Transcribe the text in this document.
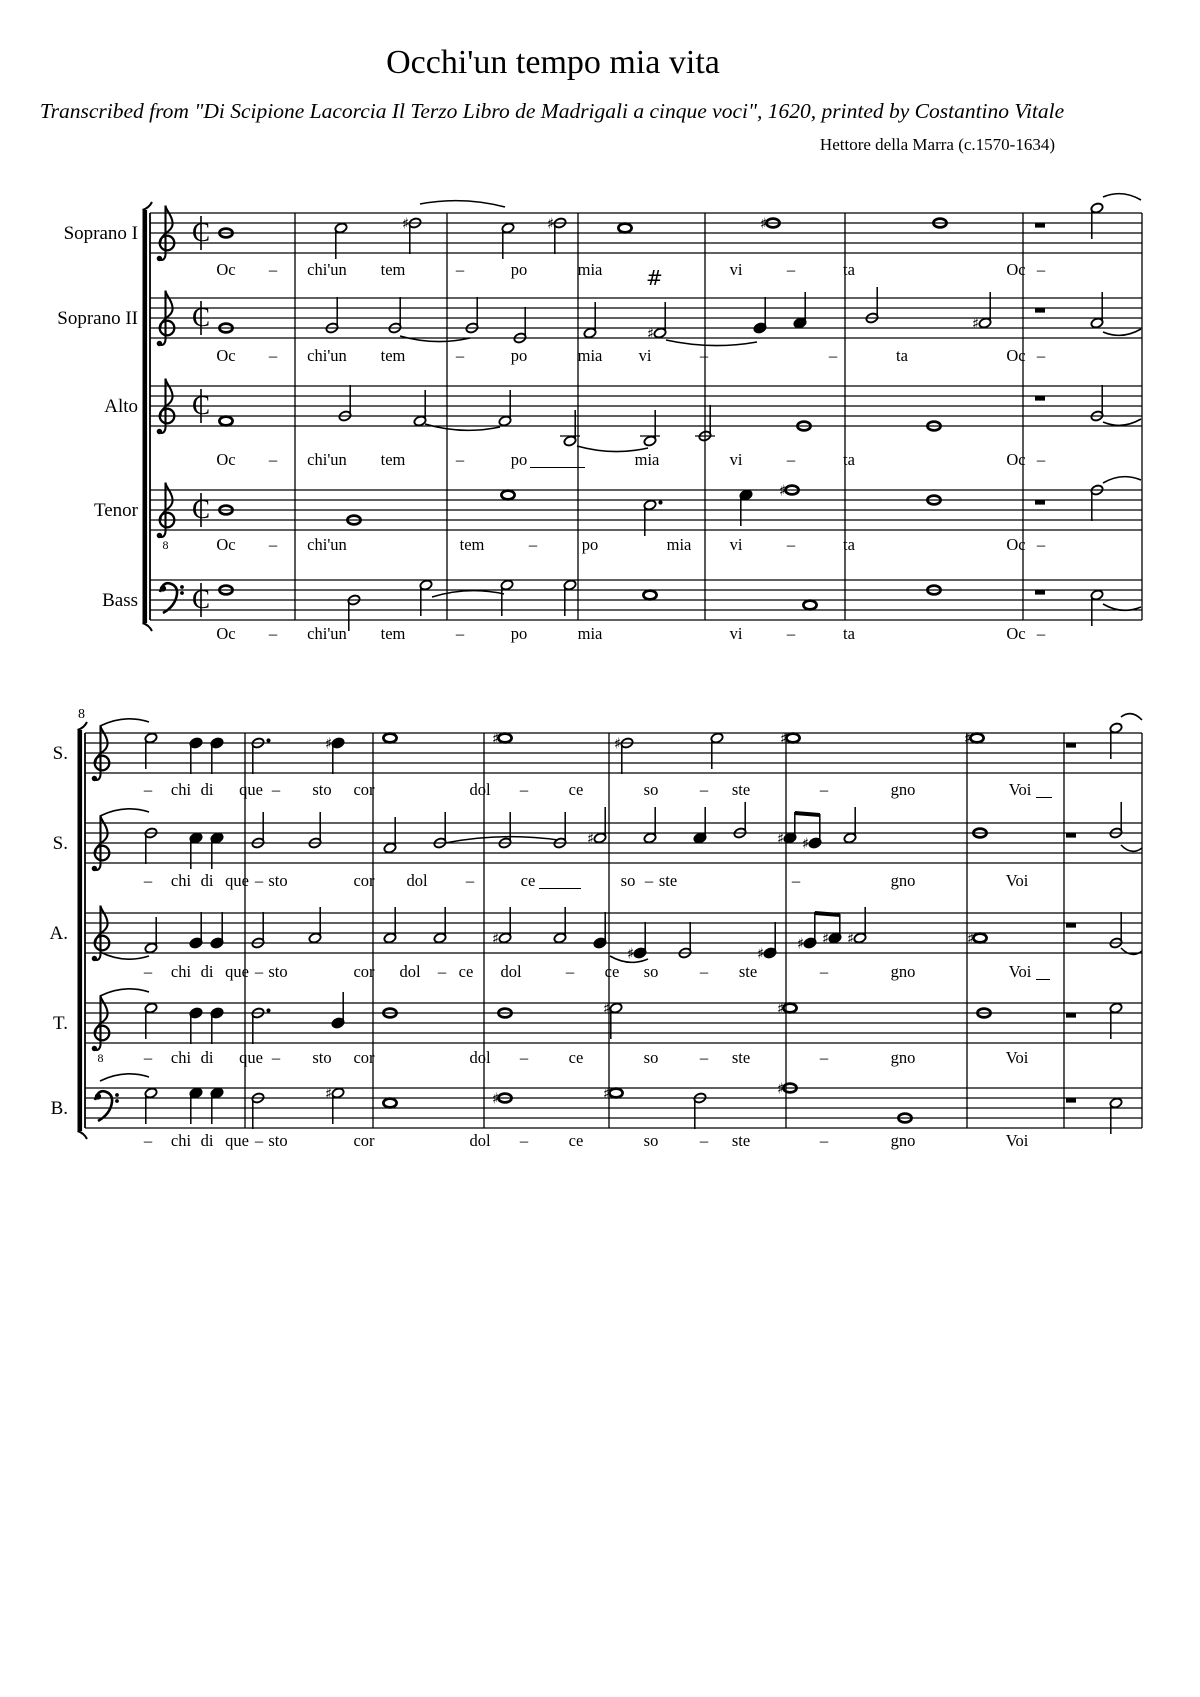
Occhi'un tempo mia vita
Transcribed from "Di Scipione Lacorcia Il Terzo Libro de Madrigali a cinque voci", 1620, printed by Costantino Vitale
Hettore della Marra (c.1570-1634)
C	♯	♯	♯
C
♯
♯
#
C
8
C
♯
C
♯	♯	♯	♯	♯
♯	♯ ♯
♯
♯	♯
♯ ♯ ♯	♯
8
♯	♯
♯	♯	♯	♯
Soprano I
Oc – chi'un tem	–	po	mia	vi	–	ta	Oc –
Soprano II
Oc – chi'un tem	–	po	mia vi	–	–	ta	Oc –
Alto
Oc – chi'un tem	–	po	mia	vi	–	ta	Oc –
Tenor
Oc – chi'un	tem	–	po	mia vi	–	ta	Oc –
Bass
Oc – chi'un tem	–	po	mia	vi	–	ta	Oc –
8
S.
– chi di que – sto cor	dol – ce	so	– ste	–	gno	Voi
S.
– chi di que – sto	cor dol –	ce	so – ste	–	gno	Voi
A.
– chi di que – sto	cor dol – ce dol	– ce so	– ste	–	gno	Voi
T.
– chi di que – sto cor	dol – ce	so	– ste	–	gno	Voi
B.
– chi di que – sto	cor	dol – ce	so	– ste	–	gno	Voi
